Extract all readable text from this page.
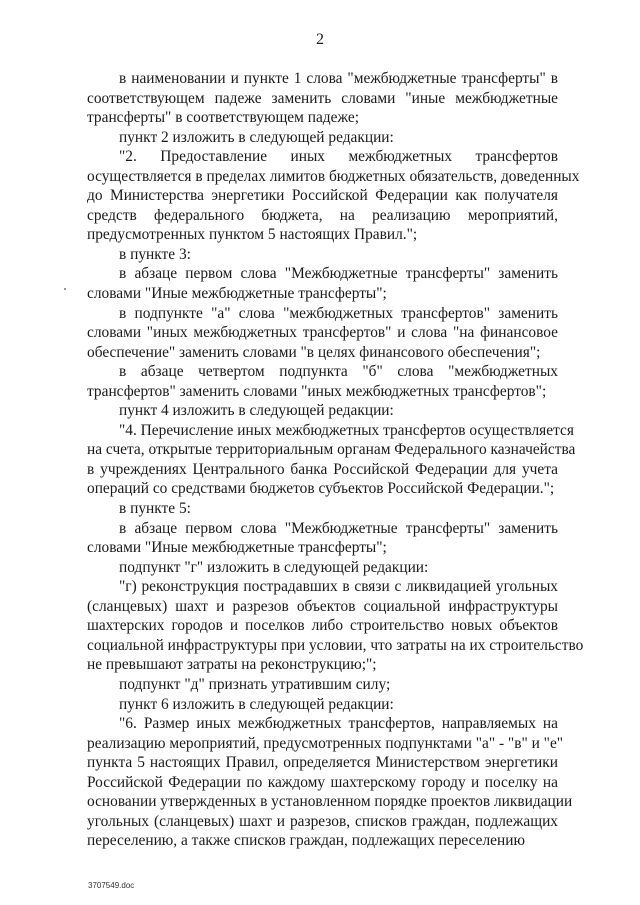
2
в наименовании и пункте 1 слова "межбюджетные трансферты" в
соответствующем падеже заменить словами "иные межбюджетные
трансферты" в соответствующем падеже;
пункт 2 изложить в следующей редакции:
"2. Предоставление иных межбюджетных трансфертов
осуществляется в пределах лимитов бюджетных обязательств, доведенных
до Министерства энергетики Российской Федерации как получателя
средств федерального бюджета, на реализацию мероприятий,
предусмотренных пунктом 5 настоящих Правил.";
в пункте 3:
в абзаце первом слова "Межбюджетные трансферты" заменить
словами "Иные межбюджетные трансферты";
в подпункте "а" слова "межбюджетных трансфертов" заменить
словами "иных межбюджетных трансфертов" и слова "на финансовое
обеспечение" заменить словами "в целях финансового обеспечения";
в абзаце четвертом подпункта "б" слова "межбюджетных
трансфертов" заменить словами "иных межбюджетных трансфертов";
пункт 4 изложить в следующей редакции:
"4. Перечисление иных межбюджетных трансфертов осуществляется
на счета, открытые территориальным органам Федерального казначейства
в учреждениях Центрального банка Российской Федерации для учета
операций со средствами бюджетов субъектов Российской Федерации.";
в пункте 5:
в абзаце первом слова "Межбюджетные трансферты" заменить
словами "Иные межбюджетные трансферты";
подпункт "г" изложить в следующей редакции:
"г) реконструкция пострадавших в связи с ликвидацией угольных
(сланцевых) шахт и разрезов объектов социальной инфраструктуры
шахтерских городов и поселков либо строительство новых объектов
социальной инфраструктуры при условии, что затраты на их строительство
не превышают затраты на реконструкцию;";
подпункт "д" признать утратившим силу;
пункт 6 изложить в следующей редакции:
"6. Размер иных межбюджетных трансфертов, направляемых на
реализацию мероприятий, предусмотренных подпунктами "а" - "в" и "е"
пункта 5 настоящих Правил, определяется Министерством энергетики
Российской Федерации по каждому шахтерскому городу и поселку на
основании утвержденных в установленном порядке проектов ликвидации
угольных (сланцевых) шахт и разрезов, списков граждан, подлежащих
переселению, а также списков граждан, подлежащих переселению
3707549.doc
